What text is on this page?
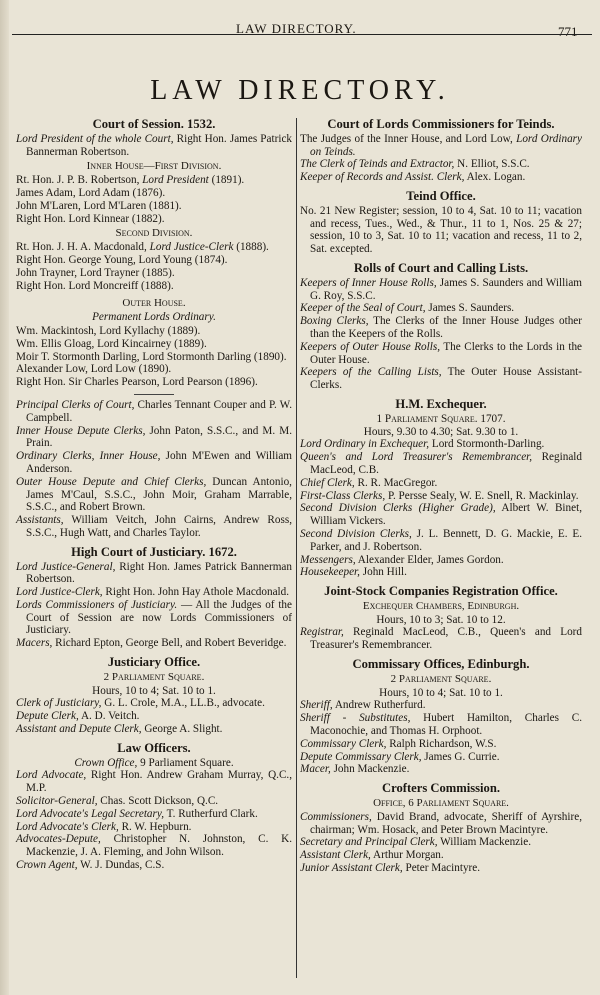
LAW DIRECTORY.	771
LAW DIRECTORY.
Court of Session. 1532.

Lord President of the whole Court, Right Hon. James Patrick Bannerman Robertson.

Inner House—First Division.

Rt. Hon. J. P. B. Robertson, Lord President (1891).

James Adam, Lord Adam (1876).

John M'Laren, Lord M'Laren (1881).

Right Hon. Lord Kinnear (1882).

Second Division.

Rt. Hon. J. H. A. Macdonald, Lord Justice-Clerk (1888).

Right Hon. George Young, Lord Young (1874).

John Trayner, Lord Trayner (1885).

Right Hon. Lord Moncreiff (1888).

Outer House.
Permanent Lords Ordinary.

Wm. Mackintosh, Lord Kyllachy (1889).

Wm. Ellis Gloag, Lord Kincairney (1889).

Moir T. Stormonth Darling, Lord Stormonth Darling (1890).

Alexander Low, Lord Low (1890).

Right Hon. Sir Charles Pearson, Lord Pearson (1896).

Principal Clerks of Court, Charles Tennant Couper and P. W. Campbell.

Inner House Depute Clerks, John Paton, S.S.C., and M. M. Prain.

Ordinary Clerks, Inner House, John M'Ewen and William Anderson.

Outer House Depute and Chief Clerks, Duncan Antonio, James M'Caul, S.S.C., John Moir, Graham Marrable, S.S.C., and Robert Brown.

Assistants, William Veitch, John Cairns, Andrew Ross, S.S.C., Hugh Watt, and Charles Taylor.

High Court of Justiciary. 1672.

Lord Justice-General, Right Hon. James Patrick Bannerman Robertson.

Lord Justice-Clerk, Right Hon. John Hay Athole Macdonald.

Lords Commissioners of Justiciary. — All the Judges of the Court of Session are now Lords Commissioners of Justiciary.

Macers, Richard Epton, George Bell, and Robert Beveridge.

Justiciary Office.
2 Parliament Square.
Hours, 10 to 4; Sat. 10 to 1.

Clerk of Justiciary, G. L. Crole, M.A., LL.B., advocate.

Depute Clerk, A. D. Veitch.

Assistant and Depute Clerk, George A. Slight.

Law Officers.
Crown Office, 9 Parliament Square.

Lord Advocate, Right Hon. Andrew Graham Murray, Q.C., M.P.

Solicitor-General, Chas. Scott Dickson, Q.C.

Lord Advocate's Legal Secretary, T. Rutherfurd Clark.

Lord Advocate's Clerk, R. W. Hepburn.

Advocates-Depute, Christopher N. Johnston, C. K. Mackenzie, J. A. Fleming, and John Wilson.

Crown Agent, W. J. Dundas, C.S.

Court of Lords Commissioners for Teinds.

The Judges of the Inner House, and Lord Low, Lord Ordinary on Teinds.

The Clerk of Teinds and Extractor, N. Elliot, S.S.C.

Keeper of Records and Assist. Clerk, Alex. Logan.

Teind Office.

No. 21 New Register; session, 10 to 4, Sat. 10 to 11; vacation and recess, Tues., Wed., & Thur., 11 to 1, Nos. 25 & 27; session, 10 to 3, Sat. 10 to 11; vacation and recess, 11 to 2, Sat. excepted.

Rolls of Court and Calling Lists.

Keepers of Inner House Rolls, James S. Saunders and William G. Roy, S.S.C.

Keeper of the Seal of Court, James S. Saunders.

Boxing Clerks, The Clerks of the Inner House Judges other than the Keepers of the Rolls.

Keepers of Outer House Rolls, The Clerks to the Lords in the Outer House.

Keepers of the Calling Lists, The Outer House Assistant-Clerks.

H.M. Exchequer.
1 Parliament Square. 1707.
Hours, 9.30 to 4.30; Sat. 9.30 to 1.

Lord Ordinary in Exchequer, Lord Stormonth-Darling.

Queen's and Lord Treasurer's Remembrancer, Reginald MacLeod, C.B.

Chief Clerk, R. R. MacGregor.

First-Class Clerks, P. Persse Sealy, W. E. Snell, R. Mackinlay.

Second Division Clerks (Higher Grade), Albert W. Binet, William Vickers.

Second Division Clerks, J. L. Bennett, D. G. Mackie, E. E. Parker, and J. Robertson.

Messengers, Alexander Elder, James Gordon.

Housekeeper, John Hill.

Joint-Stock Companies Registration Office.
Exchequer Chambers, Edinburgh.
Hours, 10 to 3; Sat. 10 to 12.

Registrar, Reginald MacLeod, C.B., Queen's and Lord Treasurer's Remembrancer.

Commissary Offices, Edinburgh.
2 Parliament Square.
Hours, 10 to 4; Sat. 10 to 1.

Sheriff, Andrew Rutherfurd.

Sheriff - Substitutes, Hubert Hamilton, Charles C. Maconochie, and Thomas H. Orphoot.

Commissary Clerk, Ralph Richardson, W.S.

Depute Commissary Clerk, James G. Currie.

Macer, John Mackenzie.

Crofters Commission.
Office, 6 Parliament Square.

Commissioners, David Brand, advocate, Sheriff of Ayrshire, chairman; Wm. Hosack, and Peter Brown Macintyre.

Secretary and Principal Clerk, William Mackenzie.

Assistant Clerk, Arthur Morgan.

Junior Assistant Clerk, Peter Macintyre.
